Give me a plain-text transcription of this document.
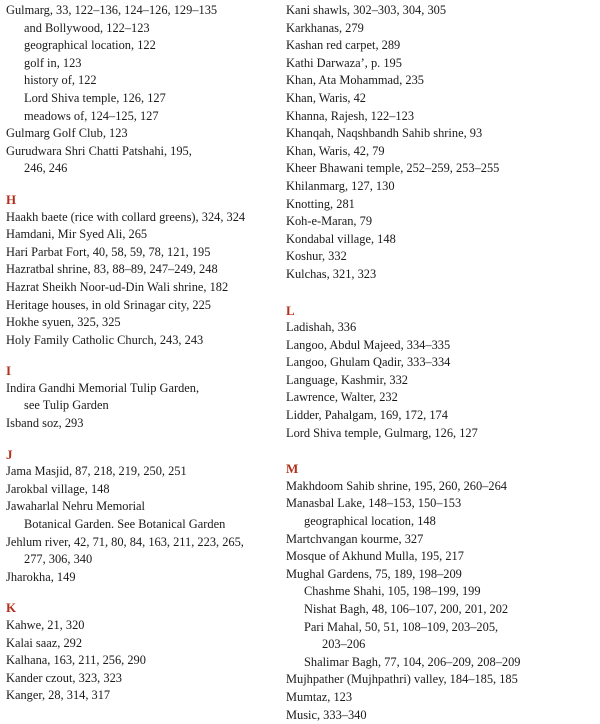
Gulmarg, 33, 122–136, 124–126, 129–135
and Bollywood, 122–123
geographical location, 122
golf in, 123
history of, 122
Lord Shiva temple, 126, 127
meadows of, 124–125, 127
Gulmarg Golf Club, 123
Gurudwara Shri Chatti Patshahi, 195,
246, 246
H
Haakh baete (rice with collard greens), 324, 324
Hamdani, Mir Syed Ali, 265
Hari Parbat Fort, 40, 58, 59, 78, 121, 195
Hazratbal shrine, 83, 88–89, 247–249, 248
Hazrat Sheikh Noor-ud-Din Wali shrine, 182
Heritage houses, in old Srinagar city, 225
Hokhe syuen, 325, 325
Holy Family Catholic Church, 243, 243
I
Indira Gandhi Memorial Tulip Garden,
see Tulip Garden
Isband soz, 293
J
Jama Masjid, 87, 218, 219, 250, 251
Jarokbal village, 148
Jawaharlal Nehru Memorial
Botanical Garden. See Botanical Garden
Jehlum river, 42, 71, 80, 84, 163, 211, 223, 265,
277, 306, 340
Jharokha, 149
K
Kahwe, 21, 320
Kalai saaz, 292
Kalhana, 163, 211, 256, 290
Kander czout, 323, 323
Kanger, 28, 314, 317
Kani shawls, 302–303, 304, 305
Karkhanas, 279
Kashan red carpet, 289
Kathi Darwaza’, p. 195
Khan, Ata Mohammad, 235
Khan, Waris, 42
Khanna, Rajesh, 122–123
Khanqah, Naqshbandh Sahib shrine, 93
Khan, Waris, 42, 79
Kheer Bhawani temple, 252–259, 253–255
Khilanmarg, 127, 130
Knotting, 281
Koh-e-Maran, 79
Kondabal village, 148
Koshur, 332
Kulchas, 321, 323
L
Ladishah, 336
Langoo, Abdul Majeed, 334–335
Langoo, Ghulam Qadir, 333–334
Language, Kashmir, 332
Lawrence, Walter, 232
Lidder, Pahalgam, 169, 172, 174
Lord Shiva temple, Gulmarg, 126, 127
M
Makhdoom Sahib shrine, 195, 260, 260–264
Manasbal Lake, 148–153, 150–153
geographical location, 148
Martchvangan kourme, 327
Mosque of Akhund Mulla, 195, 217
Mughal Gardens, 75, 189, 198–209
Chashme Shahi, 105, 198–199, 199
Nishat Bagh, 48, 106–107, 200, 201, 202
Pari Mahal, 50, 51, 108–109, 203–205,
203–206
Shalimar Bagh, 77, 104, 206–209, 208–209
Mujhpather (Mujhpathri) valley, 184–185, 185
Mumtaz, 123
Music, 333–340
